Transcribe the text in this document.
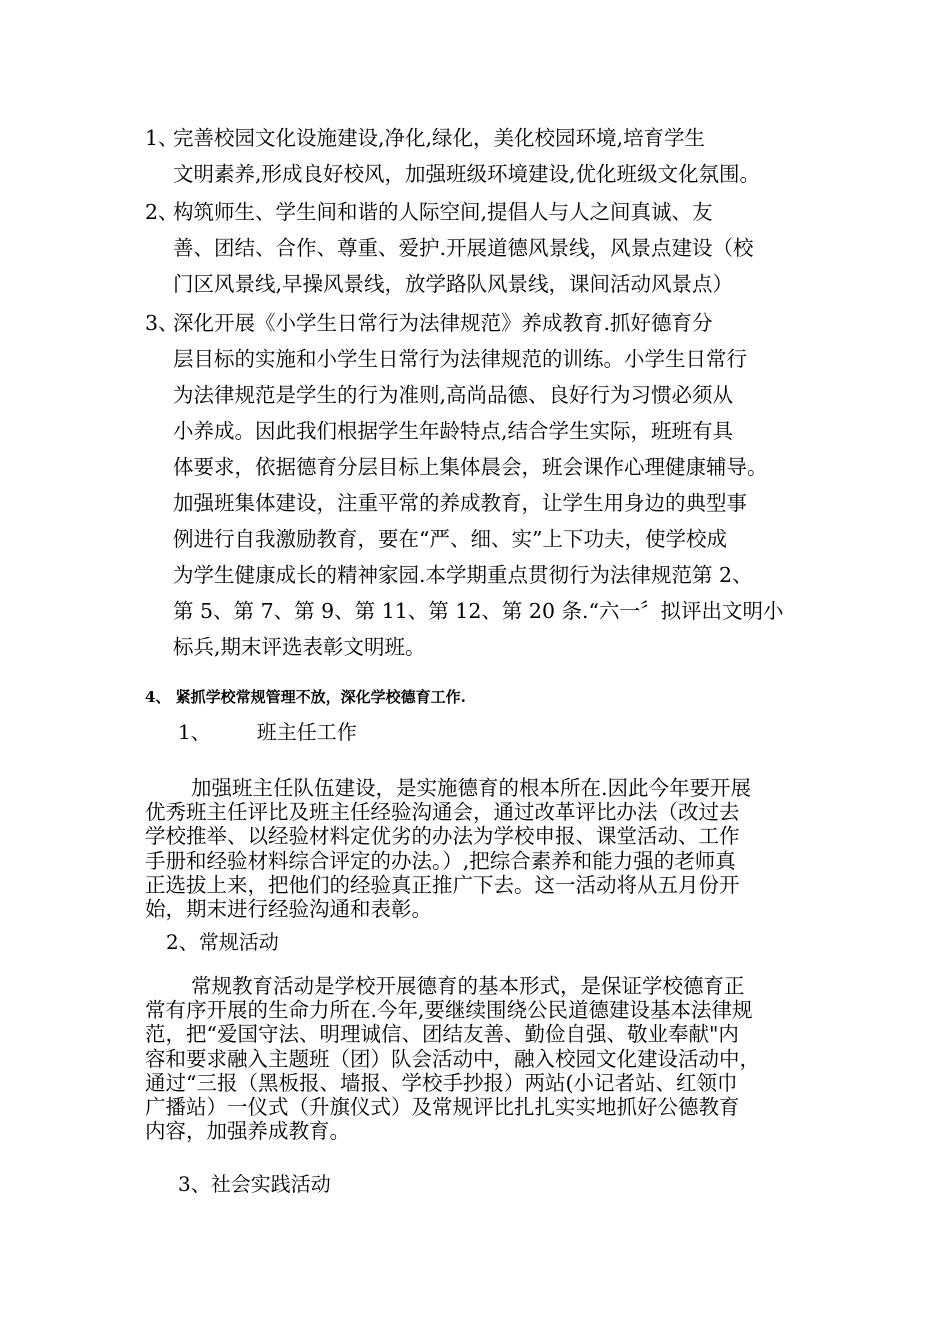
1、
完善校园文化设施建设,净化,绿化，美化校园环境,培育学生
文明素养,形成良好校风，加强班级环境建设,优化班级文化氛围。
2、
构筑师生、学生间和谐的人际空间,提倡人与人之间真诚、友
善、团结、合作、尊重、爱护.开展道德风景线，风景点建设（校
门区风景线,早操风景线，放学路队风景线，课间活动风景点）
3、
深化开展《小学生日常行为法律规范》养成教育.抓好德育分
层目标的实施和小学生日常行为法律规范的训练。小学生日常行
为法律规范是学生的行为准则,高尚品德、良好行为习惯必须从
小养成。因此我们根据学生年龄特点,结合学生实际，班班有具
体要求，依据德育分层目标上集体晨会，班会课作心理健康辅导。
加强班集体建设，注重平常的养成教育，让学生用身边的典型事
例进行自我激励教育，要在“严、细、实”上下功夫，使学校成
为学生健康成长的精神家园.本学期重点贯彻行为法律规范第 2、
第 5、第 7、第 9、第 11、第 12、第 20 条.“六一〞拟评出文明小
标兵,期末评选表彰文明班。
4、 紧抓学校常规管理不放，深化学校德育工作.
1、 班主任工作
加强班主任队伍建设，是实施德育的根本所在.因此今年要开展
优秀班主任评比及班主任经验沟通会，通过改革评比办法（改过去
学校推举、以经验材料定优劣的办法为学校申报、课堂活动、工作
手册和经验材料综合评定的办法。）,把综合素养和能力强的老师真
正选拔上来，把他们的经验真正推广下去。这一活动将从五月份开
始，期末进行经验沟通和表彰。
2、常规活动
常规教育活动是学校开展德育的基本形式，是保证学校德育正
常有序开展的生命力所在.今年,要继续围绕公民道德建设基本法律规
范，把“爱国守法、明理诚信、团结友善、勤俭自强、敬业奉献"内
容和要求融入主题班（团）队会活动中，融入校园文化建设活动中，
通过“三报（黑板报、墙报、学校手抄报）两站(小记者站、红领巾
广播站）一仪式（升旗仪式）及常规评比扎扎实实地抓好公德教育
内容，加强养成教育。
3、社会实践活动
